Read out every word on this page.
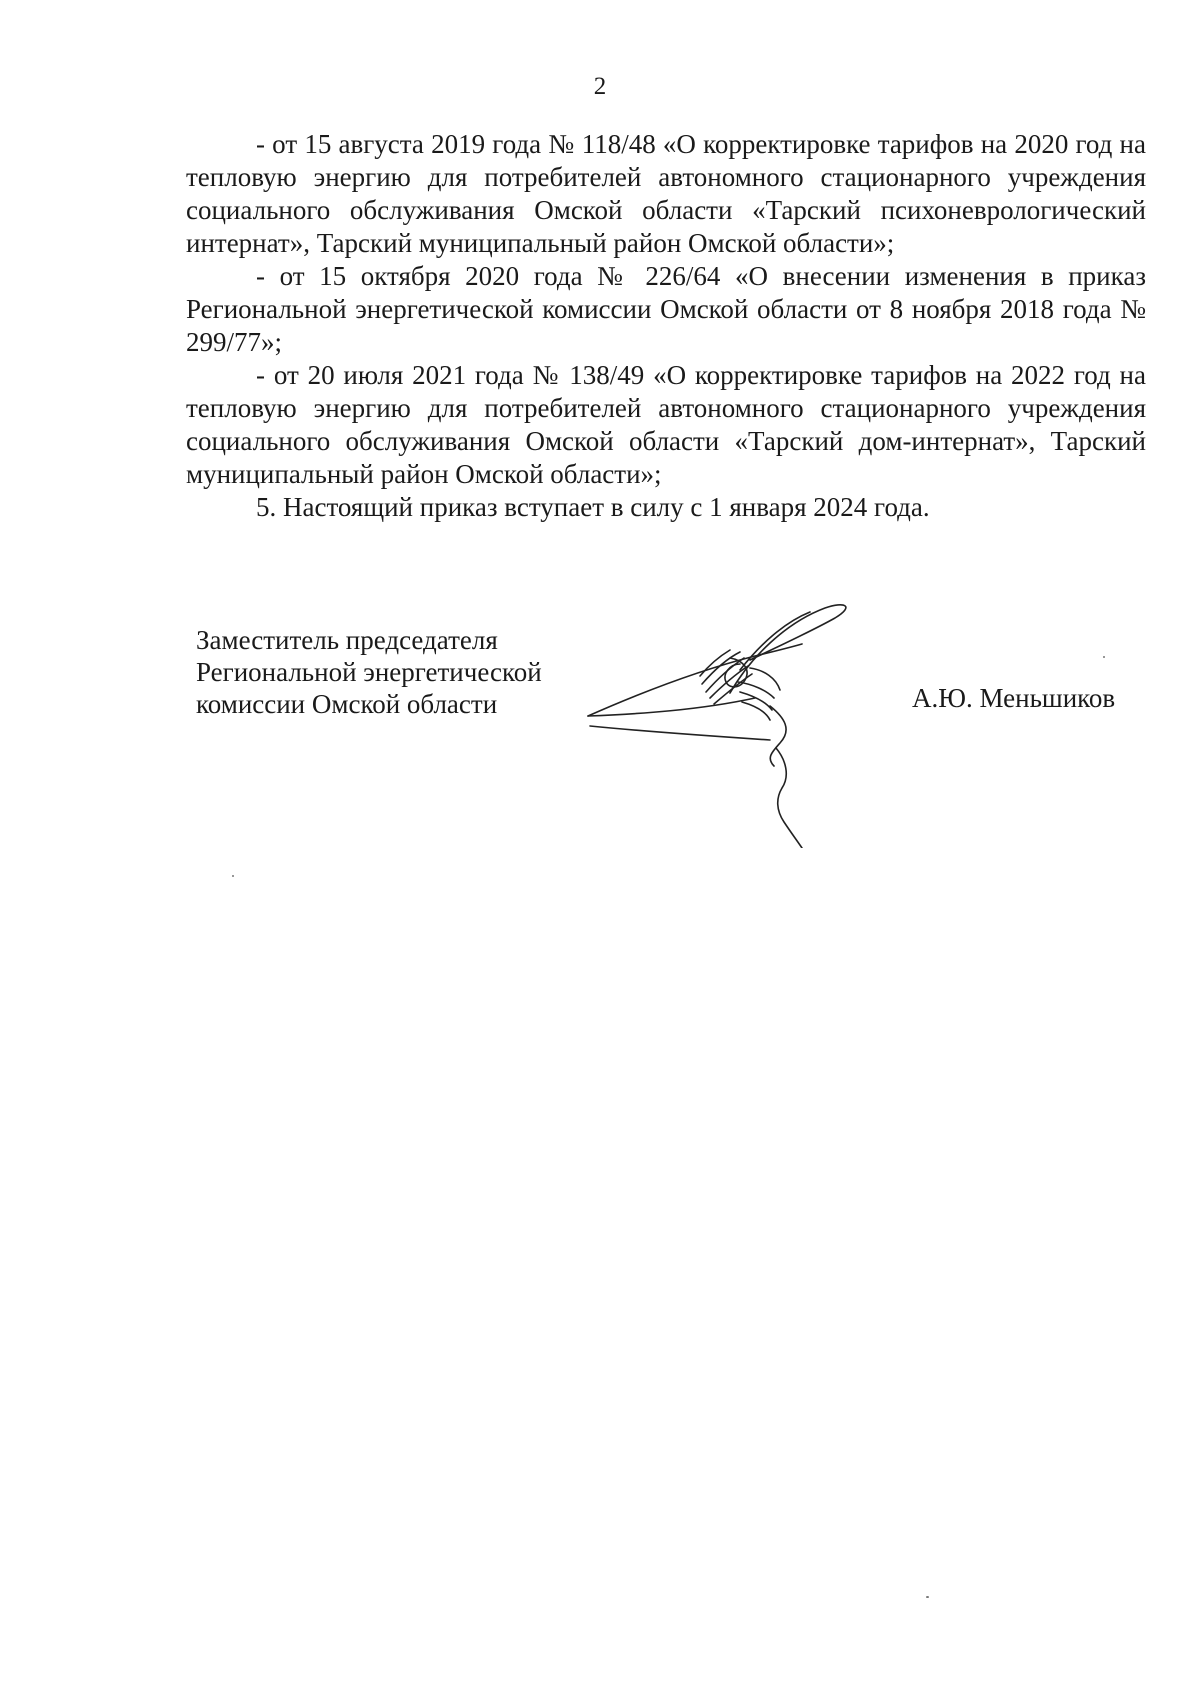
2

- от 15 августа 2019 года № 118/48 «О корректировке тарифов на 2020 год на тепловую энергию для потребителей автономного стационарного учреждения социального обслуживания Омской области «Тарский психоневрологический интернат», Тарский муниципальный район Омской области»;

- от 15 октября 2020 года № 226/64 «О внесении изменения в приказ Региональной энергетической комиссии Омской области от 8 ноября 2018 года № 299/77»;

- от 20 июля 2021 года № 138/49 «О корректировке тарифов на 2022 год на тепловую энергию для потребителей автономного стационарного учреждения социального обслуживания Омской области «Тарский дом-интернат», Тарский муниципальный район Омской области»;

5. Настоящий приказ вступает в силу с 1 января 2024 года.

Заместитель председателя
Региональной энергетической
комиссии Омской области	А.Ю. Меньшиков
